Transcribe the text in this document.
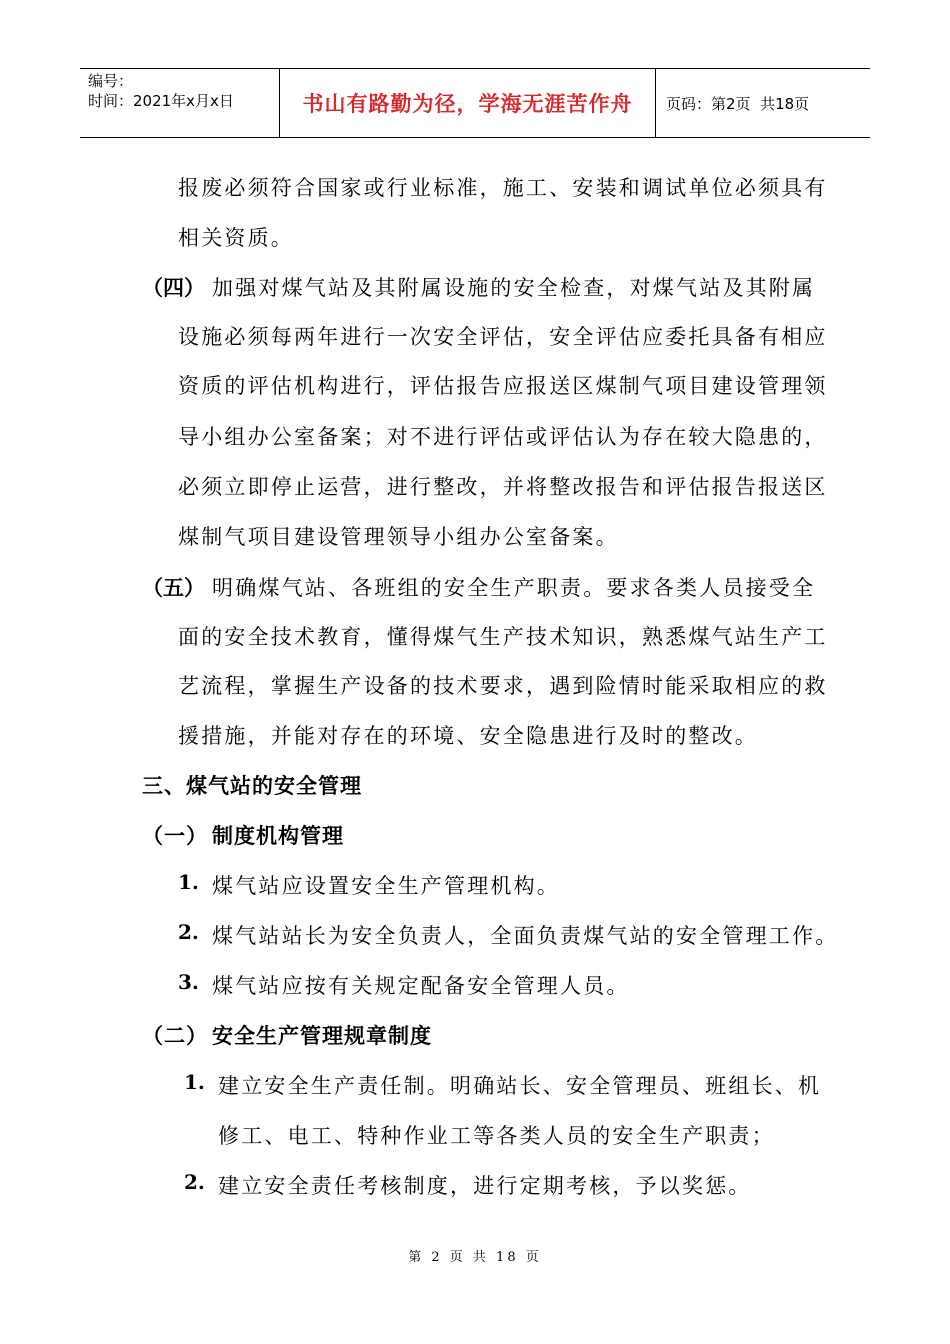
编号：
时间：2021年x月x日	书山有路勤为径，学海无涯苦作舟 页码：第2页  共18页
报废必须符合国家或行业标准，施工、安装和调试单位必须具有
相关资质。
（四） 加强对煤气站及其附属设施的安全检查，对煤气站及其附属
设施必须每两年进行一次安全评估，安全评估应委托具备有相应
资质的评估机构进行，评估报告应报送区煤制气项目建设管理领
导小组办公室备案；对不进行评估或评估认为存在较大隐患的，
必须立即停止运营，进行整改，并将整改报告和评估报告报送区
煤制气项目建设管理领导小组办公室备案。
（五） 明确煤气站、各班组的安全生产职责。要求各类人员接受全
面的安全技术教育，懂得煤气生产技术知识，熟悉煤气站生产工
艺流程，掌握生产设备的技术要求，遇到险情时能采取相应的救
援措施，并能对存在的环境、安全隐患进行及时的整改。
三、煤气站的安全管理
（一） 制度机构管理
1. 煤气站应设置安全生产管理机构。
2. 煤气站站长为安全负责人，全面负责煤气站的安全管理工作。
3. 煤气站应按有关规定配备安全管理人员。
（二） 安全生产管理规章制度
1. 建立安全生产责任制。明确站长、安全管理员、班组长、机
修工、电工、特种作业工等各类人员的安全生产职责；
2. 建立安全责任考核制度，进行定期考核，予以奖惩。
第 2 页 共 18 页
